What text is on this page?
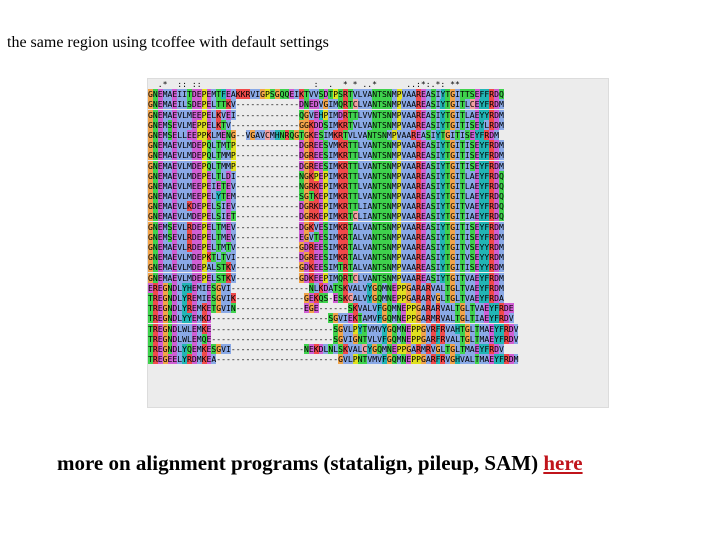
the same region using tcoffee with default settings
.*  :: ::                       :  .  * * ..*      ..:*:.*: **
GNEMAEIITDEPEMTFEAKKRVIGPSGQQEIKTVVSDTPSRTVLVANTSNMPVAAREASIYTGITTSEFFRDQ
GNEMAEILSDEPELTTKV-------------DNEDVGIMQRTCLVANTSNMPVAAREASIYTGITLCEYFRDM
GNEMAEVLMEEPELKVEI-------------QGVEHPIMDRTTLVVNTSNMPVAAREASIYTGITLAEYYRDM
GNEMSEVLMEPPELKTV--------------GGKDDSIMKRTVLVANTSNMPVAAREASIYTGITISEYLRDM
GNEMSELLEEPPKLMENG--VGAVCMHNRQGTGKESIMKRTVLVANTSNMPVAAREASIYTGITISEYFRDM
GNEMAEVLMDEPQLTMTP-------------DGREESVMKRTTLVANTSNMPVAAREASIYTGITISEYFRDM
GNEMAEVLMDEPQLTMMP-------------DGREESIMKRTTLVANTSNMPVAAREASIYTGITISEYFRDM
GNEMAEVLMDEPQLTMMP-------------DGREESIMKRTTLVANTSNMPVAAREASIYTGITISEYFRDM
GNEMAEVLMDEPELTLDI-------------NGKPEPIMKRTTLVANTSNMPVAAREASIYTGITLAEYFRDQ
GNEMAEVLMEEPEIETEV-------------NGRKEPIMKRTTLVANTSNMPVAAREASIYTGITLAEYFRDQ
GNEMAEVLMEEPELYTEM-------------SGTKEPIMKRTTLVANTSNMPVAAREASIYTGITLAEYFRDQ
GNEMAEVLKDEPELSIEV-------------DGRKEPIMKRTTLIANTSNMPVAAREASIYTGITVAEYFRDQ
GNEMAEVLMDEPELSIET-------------DGRKEPIMKRTCLIANTSNMPVAAREASIYTGITIAEYFRDQ
GNEMSEVLRDEPELTMEV-------------DGKVESIMKRTALVANTSNMPVAAREASIYTGITISEYFRDM
GNEMSEVLRDEPELTMEV-------------EGVTESIMKRTALVANTSNMPVAAREASIYTGITISEYFRDM
GNEMAEVLRDEPELTMTV-------------GDREESIMKRTALVANTSNMPVAAREASIYTGITVSEYYRDM
GNEMAEVLMDEPKTLTVI-------------DGREESIMKRTALVANTSNMPVAAREASIYTGITVSEYYRDM
GNEMAEVLMDEPALSTKV-------------GDKEESIMTRTALVANTSNMPVAAREASIYTGITISEYYRDM
GNEMAEVLMDEPELSTKV-------------GDKEEPIMQRTCLVANTSNMPVAAREASIYTGITVAEYFRDM
EREGNDLYHEMIESGVI----------------NLKDATSKVALVYGQMNEPPGARARVALTGLTVAEYFRDM
TREGNDLYREMIESGVIK--------------GEKQS-ESKCALVYGQMNEPPGARARVGLTGLTVAEYFRDA
TREGNDLYREMKETGVIN--------------EGE------SKVALVFGQMNEPPGARARVALTGLTVAEYFRDE
TREGNDLYYEMKD------------------------SGVIEKTAMVFGQMNEPPGARMRVALTGLTIAEYFRDV
TREGNDLWLEMKE-------------------------SGVLPYTVMVYGQMNEPPGVRFRVAHTGLTMAEYFRDV
TREGNDLWLEMQE-------------------------SGVIGNTVLVFGQMNEPPGARFRVALTGLTMAEYFRDV
TREGNDLYQEMKESGVI---------------NEKDLNLSKVALCYGQMNEPPGARMRVGLTGLTMAEYFRDV
TREGEELYRDMKEA-------------------------GVLPNTVMVFGQMNEPPGARFRVGHVALTMAEYFRDM
more on alignment programs (statalign, pileup, SAM) here
